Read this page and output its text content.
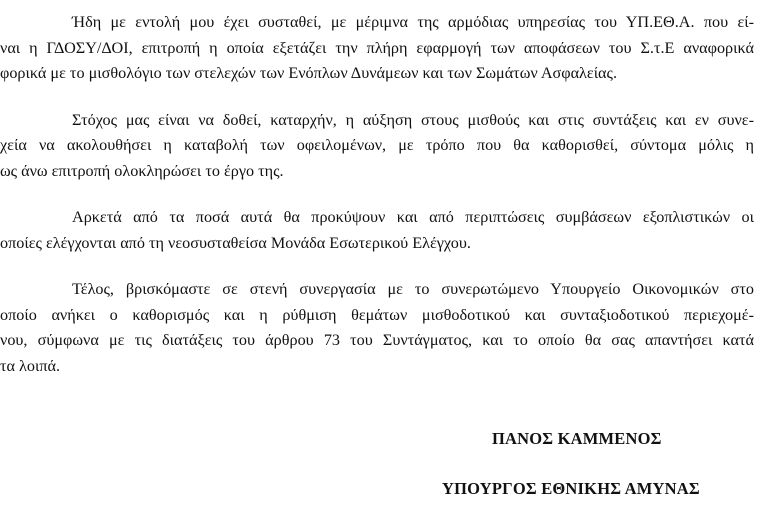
Ήδη με εντολή μου έχει συσταθεί, με μέριμνα της αρμόδιας υπηρεσίας του ΥΠ.ΕΘ.Α. που εί-
ναι η ΓΔΟΣΥ/ΔΟΙ, επιτροπή η οποία εξετάζει την πλήρη εφαρμογή των αποφάσεων του Σ.τ.Ε αναφορικά
φορικά με το μισθολόγιο των στελεχών των Ενόπλων Δυνάμεων και των Σωμάτων Ασφαλείας.

Στόχος μας είναι να δοθεί, καταρχήν, η αύξηση στους μισθούς και στις συντάξεις και εν συνε-
χεία να ακολουθήσει η καταβολή των οφειλομένων, με τρόπο που θα καθορισθεί, σύντομα μόλις η
ως άνω επιτροπή ολοκληρώσει το έργο της.

Αρκετά από τα ποσά αυτά θα προκύψουν και από περιπτώσεις συμβάσεων εξοπλιστικών οι
οποίες ελέγχονται από τη νεοσυσταθείσα Μονάδα Εσωτερικού Ελέγχου.

Τέλος, βρισκόμαστε σε στενή συνεργασία με το συνερωτώμενο Υπουργείο Οικονομικών στο
οποίο ανήκει ο καθορισμός και η ρύθμιση θεμάτων μισθοδοτικού και συνταξιοδοτικού περιεχομέ-
νου, σύμφωνα με τις διατάξεις του άρθρου 73 του Συντάγματος, και το οποίο θα σας απαντήσει κατά
τα λοιπά.

ΠΑΝΟΣ ΚΑΜΜΕΝΟΣ
ΥΠΟΥΡΓΟΣ ΕΘΝΙΚΗΣ ΑΜΥΝΑΣ
